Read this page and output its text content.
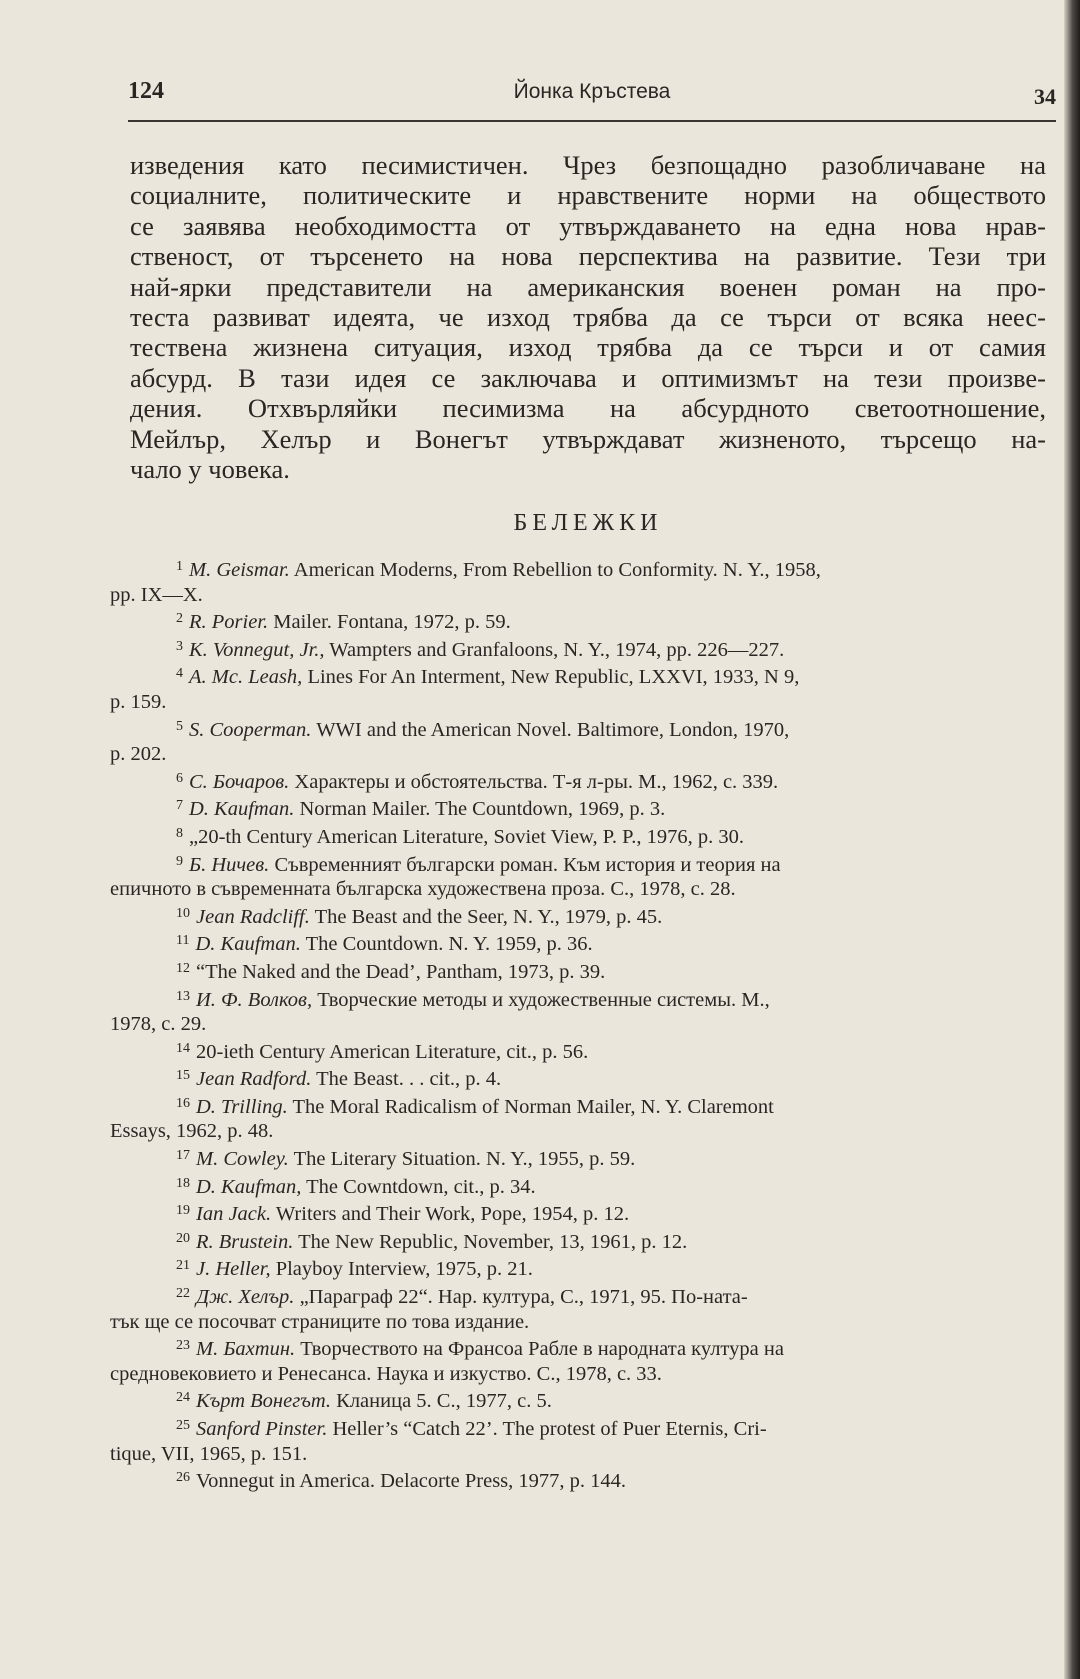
124	Йонка Кръстева	34
изведения като песимистичен. Чрез безпощадно разобличаване на
социалните, политическите и нравствените норми на обществото
се заявява необходимостта от утвърждаването на една нова нрав-
ственост, от търсенето на нова перспектива на развитие. Тези три
най-ярки представители на американския военен роман на про-
теста развиват идеята, че изход трябва да се търси от всяка неес-
тествена жизнена ситуация, изход трябва да се търси и от самия
абсурд. В тази идея се заключава и оптимизмът на тези произве-
дения. Отхвърляйки песимизма на абсурдното светоотношение,
Мейлър, Хелър и Вонегът утвърждават жизненото, търсещо на-
чало у човека.
БЕЛЕЖКИ
$^1$ M. Geismar. American Moderns, From Rebellion to Conformity. N. Y., 1958,
pp. IX—X.
$^2$ R. Porier. Mailer. Fontana, 1972, p. 59.
$^3$ K. Vonnegut, Jr., Wampters and Granfaloons, N. Y., 1974, pp. 226—227.
$^4$ A. Mc. Leash, Lines For An Interment, New Republic, LXXVI, 1933, N 9,
p. 159.
$^5$ S. Cooperman. WWI and the American Novel. Baltimore, London, 1970,
p. 202.
$^6$ С. Бочаров. Характеры и обстоятельства. Т-я л-ры. М., 1962, с. 339.
$^7$ D. Kaufman. Norman Mailer. The Countdown, 1969, p. 3.
$^8$ „20-th Century American Literature, Soviet View, P. P., 1976, p. 30.
$^9$ Б. Ничев. Съвременният български роман. Към история и теория на
епичното в съвременната българска художествена проза. С., 1978, с. 28.
$^{10}$ Jean Radcliff. The Beast and the Seer, N. Y., 1979, p. 45.
$^{11}$ D. Kaufman. The Countdown. N. Y. 1959, p. 36.
$^{12}$ “The Naked and the Dead’, Pantham, 1973, p. 39.
$^{13}$ И. Ф. Волков, Творческие методы и художественные системы. М.,
1978, с. 29.
$^{14}$ 20-ieth Century American Literature, cit., p. 56.
$^{15}$ Jean Radford. The Beast. . . cit., p. 4.
$^{16}$ D. Trilling. The Moral Radicalism of Norman Mailer, N. Y. Claremont
Essays, 1962, p. 48.
$^{17}$ M. Cowley. The Literary Situation. N. Y., 1955, p. 59.
$^{18}$ D. Kaufman, The Cowntdown, cit., p. 34.
$^{19}$ Ian Jack. Writers and Their Work, Pope, 1954, p. 12.
$^{20}$ R. Brustein. The New Republic, November, 13, 1961, p. 12.
$^{21}$ J. Heller, Playboy Interview, 1975, p. 21.
$^{22}$ Дж. Хелър. „Параграф 22“. Нар. култура, С., 1971, 95. По-ната-
тък ще се посочват страниците по това издание.
$^{23}$ М. Бахтин. Творчеството на Франсоа Рабле в народната култура на
средновековието и Ренесанса. Наука и изкуство. С., 1978, с. 33.
$^{24}$ Кърт Вонегът. Кланица 5. С., 1977, с. 5.
$^{25}$ Sanford Pinster. Heller’s “Catch 22’. The protest of Puer Eternis, Cri-
tique, VII, 1965, p. 151.
$^{26}$ Vonnegut in America. Delacorte Press, 1977, p. 144.
